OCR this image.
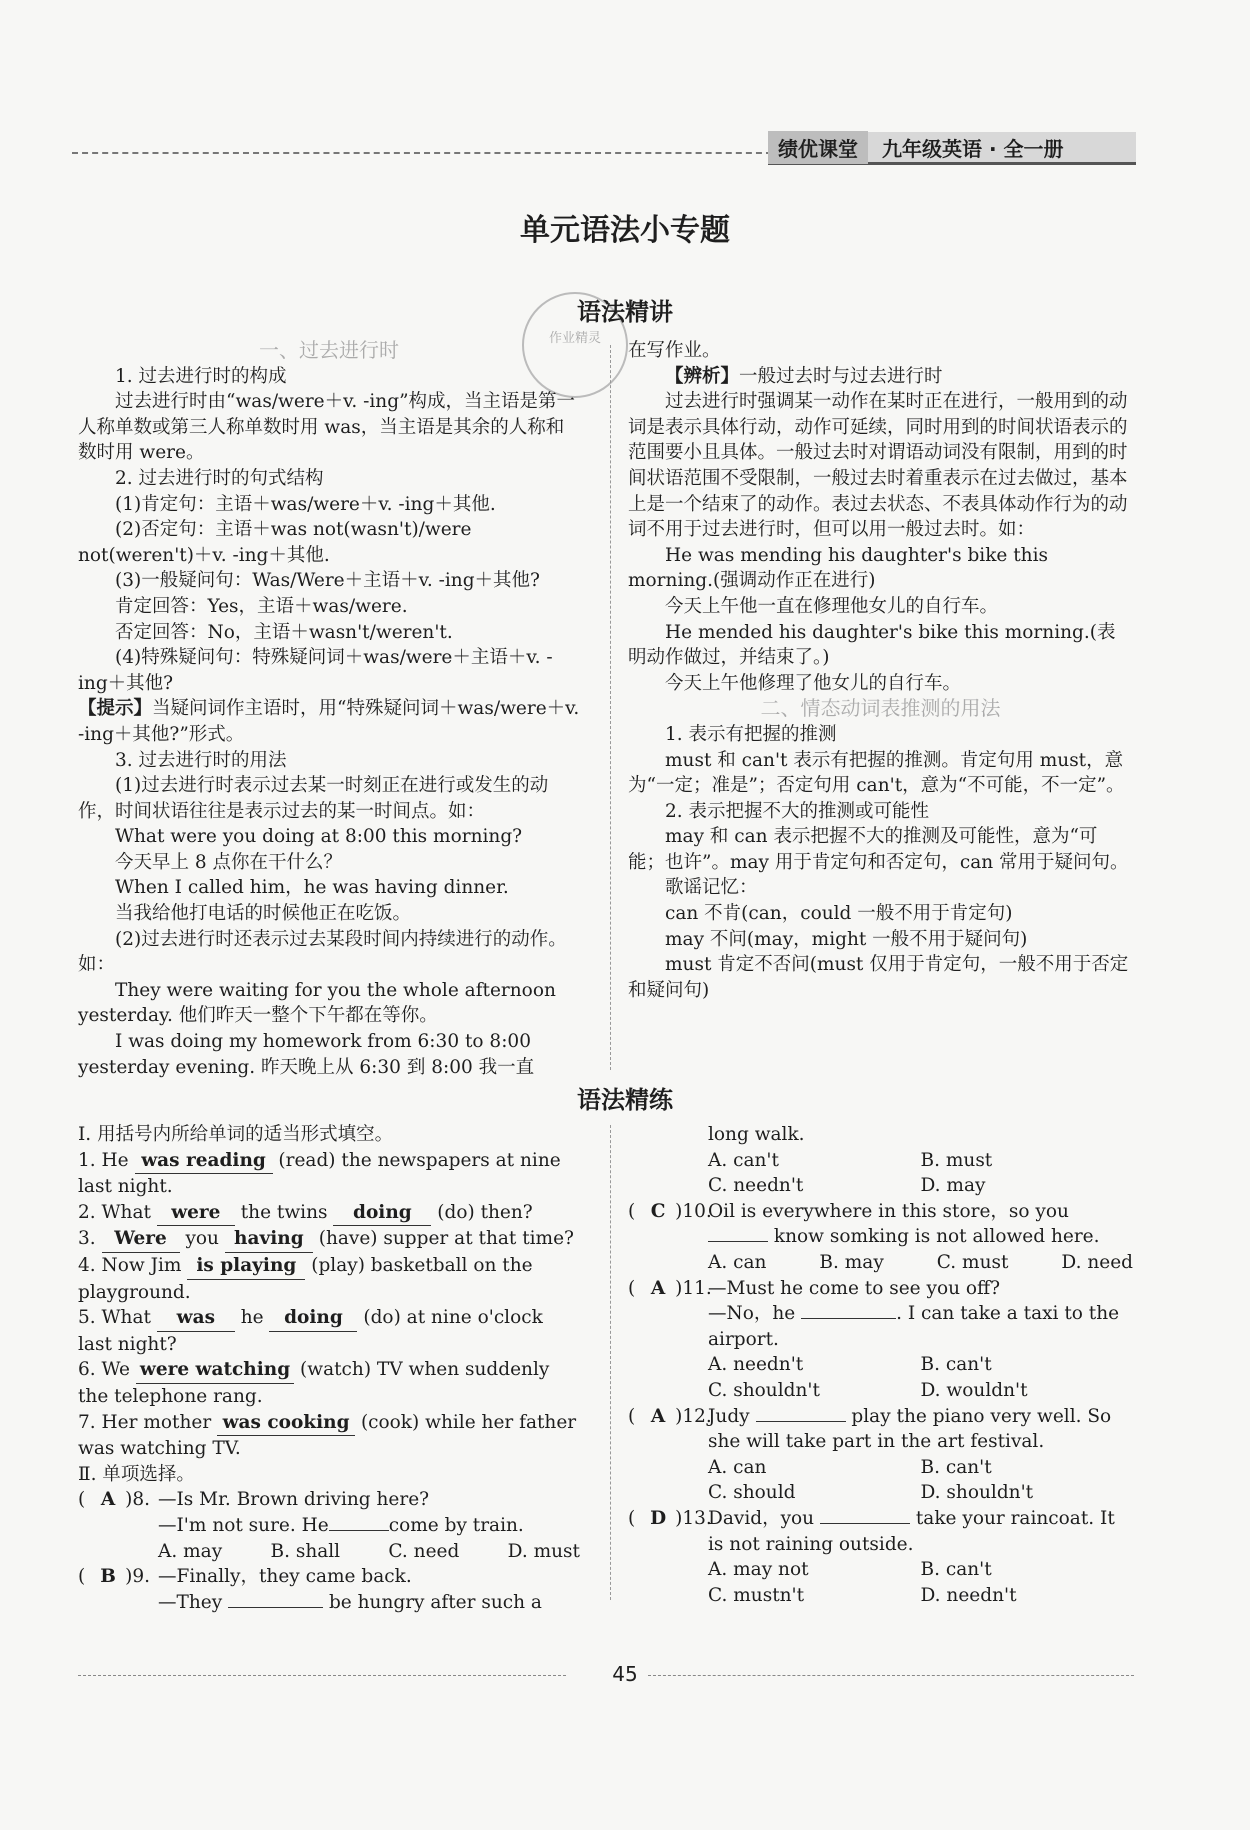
绩优课堂	九年级英语 · 全一册
单元语法小专题
作业精灵
语法精讲

一、过去进行时

1. 过去进行时的构成

过去进行时由“was/were＋v. -ing”构成，当主语是第一人称单数或第三人称单数时用 was，当主语是其余的人称和数时用 were。

2. 过去进行时的句式结构

(1)肯定句：主语＋was/were＋v. -ing＋其他.

(2)否定句：主语＋was not(wasn't)/were not(weren't)＋v. -ing＋其他.

(3)一般疑问句：Was/Were＋主语＋v. -ing＋其他?

肯定回答：Yes，主语＋was/were.

否定回答：No，主语＋wasn't/weren't.

(4)特殊疑问句：特殊疑问词＋was/were＋主语＋v. -ing＋其他?

【提示】当疑问词作主语时，用“特殊疑问词＋was/were＋v. -ing＋其他?”形式。

3. 过去进行时的用法

(1)过去进行时表示过去某一时刻正在进行或发生的动作，时间状语往往是表示过去的某一时间点。如：

What were you doing at 8:00 this morning?

今天早上 8 点你在干什么？

When I called him，he was having dinner.

当我给他打电话的时候他正在吃饭。

(2)过去进行时还表示过去某段时间内持续进行的动作。如：

They were waiting for you the whole afternoon yesterday. 他们昨天一整个下午都在等你。

I was doing my homework from 6:30 to 8:00 yesterday evening. 昨天晚上从 6:30 到 8:00 我一直

在写作业。

【辨析】一般过去时与过去进行时

过去进行时强调某一动作在某时正在进行，一般用到的动词是表示具体行动，动作可延续，同时用到的时间状语表示的范围要小且具体。一般过去时对谓语动词没有限制，用到的时间状语范围不受限制，一般过去时着重表示在过去做过，基本上是一个结束了的动作。表过去状态、不表具体动作行为的动词不用于过去进行时，但可以用一般过去时。如：

He was mending his daughter's bike this morning.(强调动作正在进行)

今天上午他一直在修理他女儿的自行车。

He mended his daughter's bike this morning.(表明动作做过，并结束了。)

今天上午他修理了他女儿的自行车。

二、情态动词表推测的用法

1. 表示有把握的推测

must 和 can't 表示有把握的推测。肯定句用 must，意为“一定；准是”；否定句用 can't，意为“不可能，不一定”。

2. 表示把握不大的推测或可能性

may 和 can 表示把握不大的推测及可能性，意为“可能；也许”。may 用于肯定句和否定句，can 常用于疑问句。

歌谣记忆：

can 不肯(can，could 一般不用于肯定句)

may 不问(may，might 一般不用于疑问句)

must 肯定不否问(must 仅用于肯定句，一般不用于否定和疑问句)

语法精练

Ⅰ. 用括号内所给单词的适当形式填空。

1. He was reading (read) the newspapers at nine last night.

2. What were the twins doing (do) then?

3. Were you having (have) supper at that time?

4. Now Jim is playing (play) basketball on the playground.

5. What was he doing (do) at nine o'clock last night?

6. We were watching (watch) TV when suddenly the telephone rang.

7. Her mother was cooking (cook) while her father was watching TV.

Ⅱ. 单项选择。

( A )8. —Is Mr. Brown driving here?

—I'm not sure. He	come by train.

A. may	B. shall	C. need	D. must
( B )9. —Finally，they came back.

—They	be hungry after such a

long walk.

A. can't	B. must
C. needn't	D. may
( C )10.

Oil is everywhere in this store，so you

know somking is not allowed here.

A. can	B. may	C. must	D. need
( A )11.

—Must he come to see you off?

—No，he	. I can take a taxi to the airport.

A. needn't	B. can't
C. shouldn't	D. wouldn't
( A )12.

Judy	play the piano very well. So she will take part in the art festival.

A. can	B. can't
C. should	D. shouldn't
( D )13.

David，you	take your raincoat. It is not raining outside.

A. may not	B. can't
C. mustn't	D. needn't
45
